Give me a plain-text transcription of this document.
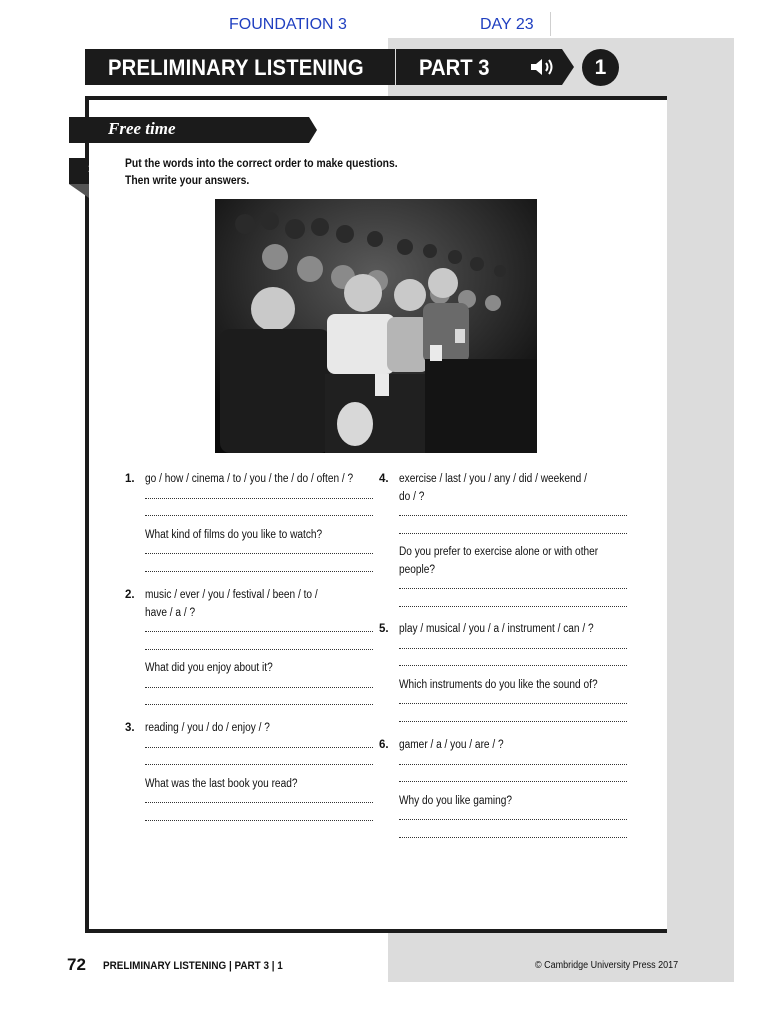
FOUNDATION 3	DAY 23
PRELIMINARY LISTENING	PART 3	1
Free time
1	Put the words into the correct order to make questions.
Then write your answers.
1. go / how / cinema / to / you / the / do / often / ?
What kind of films do you like to watch?
2. music / ever / you / festival / been / to /
have / a / ?
What did you enjoy about it?
3. reading / you / do / enjoy / ?
What was the last book you read?
4. exercise / last / you / any / did / weekend /
do / ?
Do you prefer to exercise alone or with other
people?
5. play / musical / you / a / instrument / can / ?
Which instruments do you like the sound of?
6. gamer / a / you / are / ?
Why do you like gaming?
72 PRELIMINARY LISTENING | PART 3 | 1	© Cambridge University Press 2017
